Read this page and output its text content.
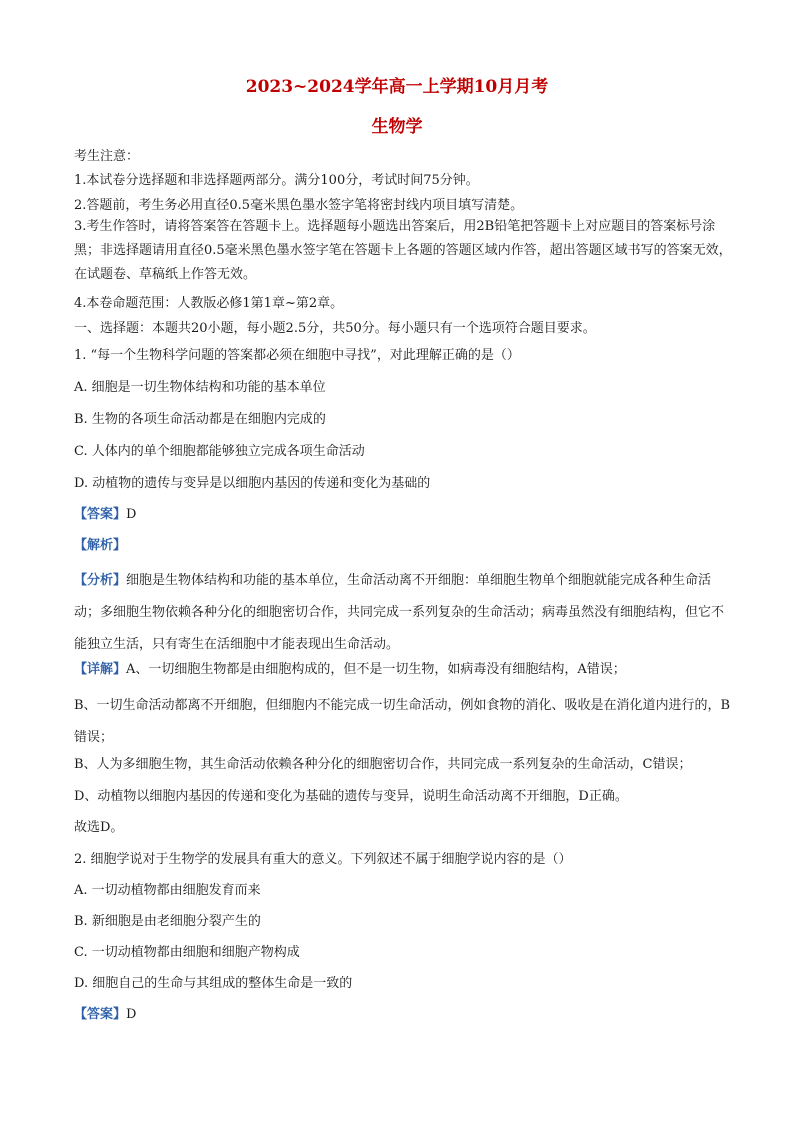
2023~2024学年高一上学期10月月考
生物学
考生注意：
1.本试卷分选择题和非选择题两部分。满分100分，考试时间75分钟。
2.答题前，考生务必用直径0.5毫米黑色墨水签字笔将密封线内项目填写清楚。
3.考生作答时，请将答案答在答题卡上。选择题每小题选出答案后，用2B铅笔把答题卡上对应题目的答案标号涂黑；非选择题请用直径0.5毫米黑色墨水签字笔在答题卡上各题的答题区域内作答，超出答题区域书写的答案无效，在试题卷、草稿纸上作答无效。
4.本卷命题范围：人教版必修1第1章~第2章。
一、选择题：本题共20小题，每小题2.5分，共50分。每小题只有一个选项符合题目要求。
1. “每一个生物科学问题的答案都必须在细胞中寻找”，对此理解正确的是（）
A. 细胞是一切生物体结构和功能的基本单位
B. 生物的各项生命活动都是在细胞内完成的
C. 人体内的单个细胞都能够独立完成各项生命活动
D. 动植物的遗传与变异是以细胞内基因的传递和变化为基础的
【答案】D
【解析】
【分析】细胞是生物体结构和功能的基本单位，生命活动离不开细胞：单细胞生物单个细胞就能完成各种生命活动；多细胞生物依赖各种分化的细胞密切合作，共同完成一系列复杂的生命活动；病毒虽然没有细胞结构，但它不能独立生活，只有寄生在活细胞中才能表现出生命活动。
【详解】A、一切细胞生物都是由细胞构成的，但不是一切生物，如病毒没有细胞结构，A错误；
B、一切生命活动都离不开细胞，但细胞内不能完成一切生命活动，例如食物的消化、吸收是在消化道内进行的，B错误；
B、人为多细胞生物，其生命活动依赖各种分化的细胞密切合作，共同完成一系列复杂的生命活动，C错误；
D、动植物以细胞内基因的传递和变化为基础的遗传与变异，说明生命活动离不开细胞，D正确。
故选D。
2. 细胞学说对于生物学的发展具有重大的意义。下列叙述不属于细胞学说内容的是（）
A. 一切动植物都由细胞发育而来
B. 新细胞是由老细胞分裂产生的
C. 一切动植物都由细胞和细胞产物构成
D. 细胞自己的生命与其组成的整体生命是一致的
【答案】D
